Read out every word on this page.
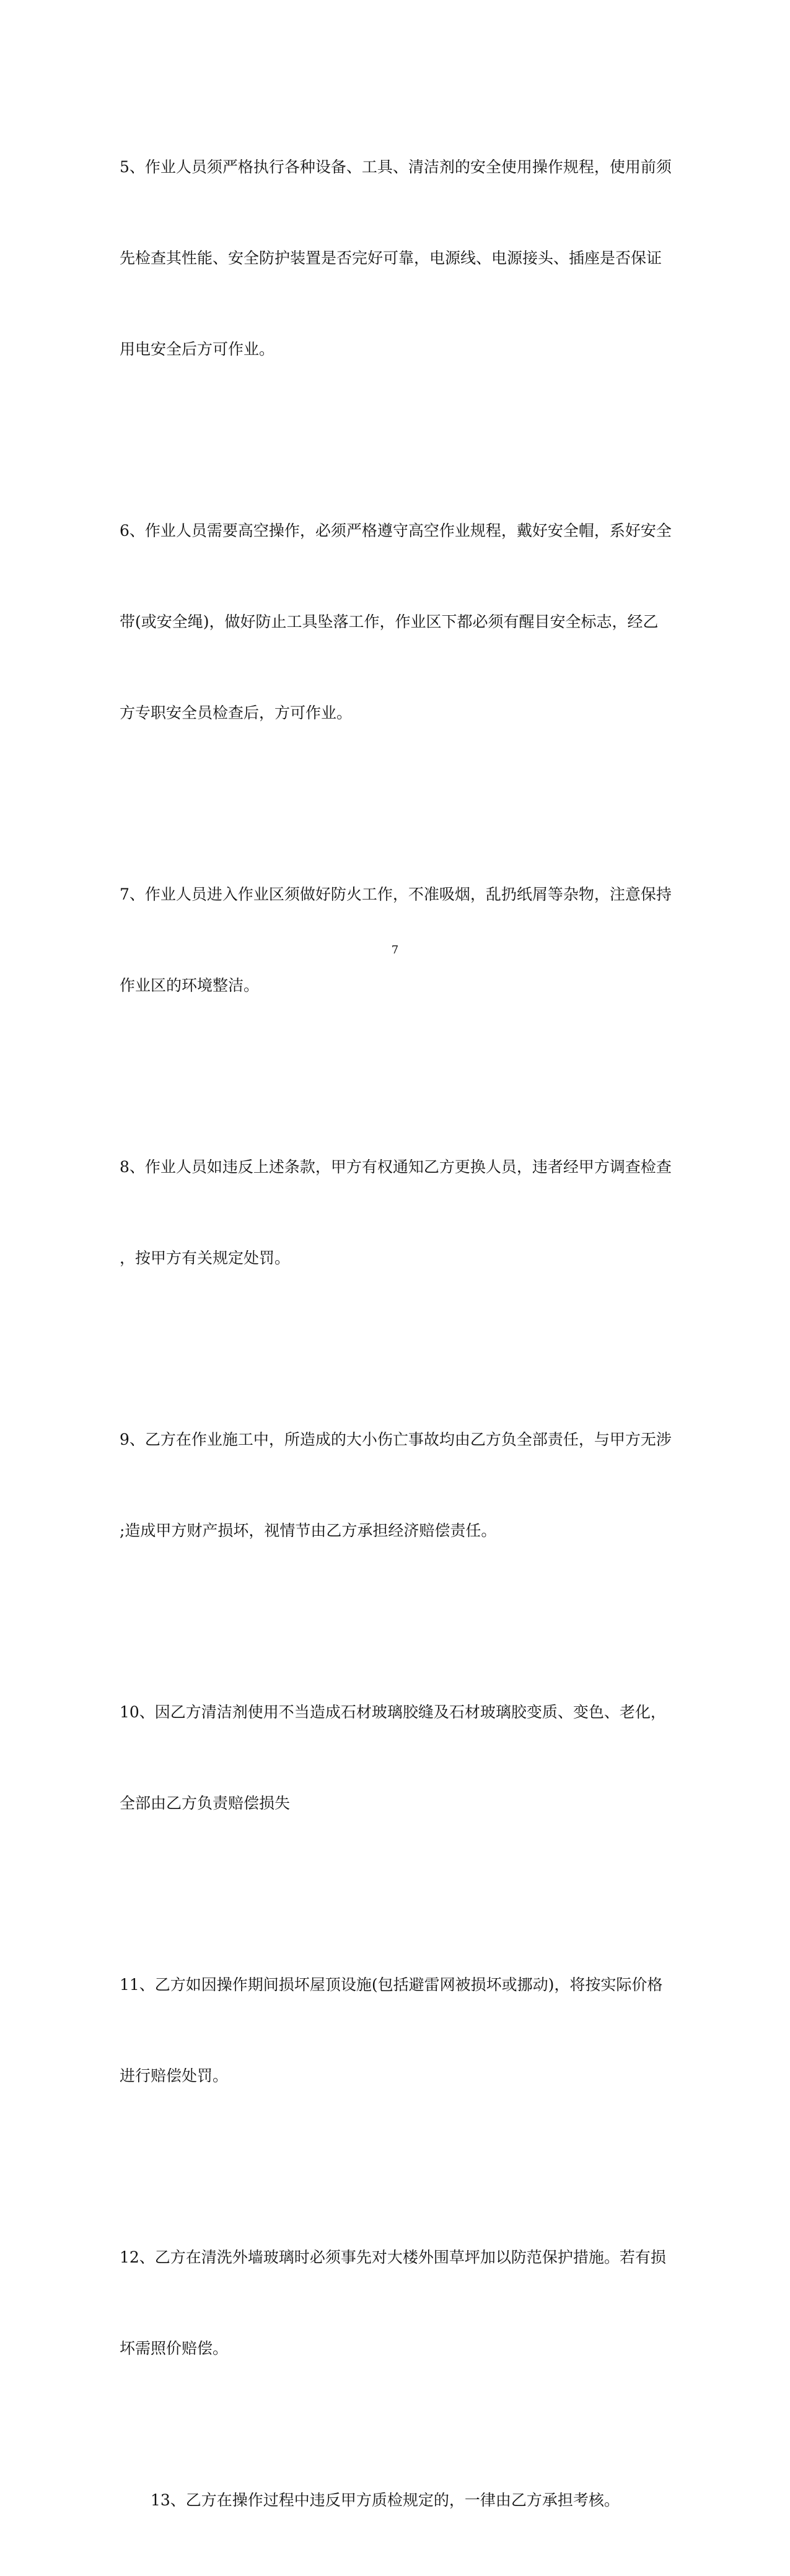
5、作业人员须严格执行各种设备、工具、清洁剂的安全使用操作规程，使用前须

先检查其性能、安全防护装置是否完好可靠，电源线、电源接头、插座是否保证

用电安全后方可作业。

6、作业人员需要高空操作，必须严格遵守高空作业规程，戴好安全帽，系好安全

带(或安全绳)，做好防止工具坠落工作，作业区下都必须有醒目安全标志，经乙

方专职安全员检查后，方可作业。

7、作业人员进入作业区须做好防火工作，不准吸烟，乱扔纸屑等杂物，注意保持

作业区的环境整洁。

8、作业人员如违反上述条款，甲方有权通知乙方更换人员，违者经甲方调查检查

，按甲方有关规定处罚。

9、乙方在作业施工中，所造成的大小伤亡事故均由乙方负全部责任，与甲方无涉

;造成甲方财产损坏，视情节由乙方承担经济赔偿责任。

10、因乙方清洁剂使用不当造成石材玻璃胶缝及石材玻璃胶变质、变色、老化，

全部由乙方负责赔偿损失

11、乙方如因操作期间损坏屋顶设施(包括避雷网被损坏或挪动)，将按实际价格

进行赔偿处罚。

12、乙方在清洗外墙玻璃时必须事先对大楼外围草坪加以防范保护措施。若有损

坏需照价赔偿。

13、乙方在操作过程中违反甲方质检规定的，一律由乙方承担考核。

7
